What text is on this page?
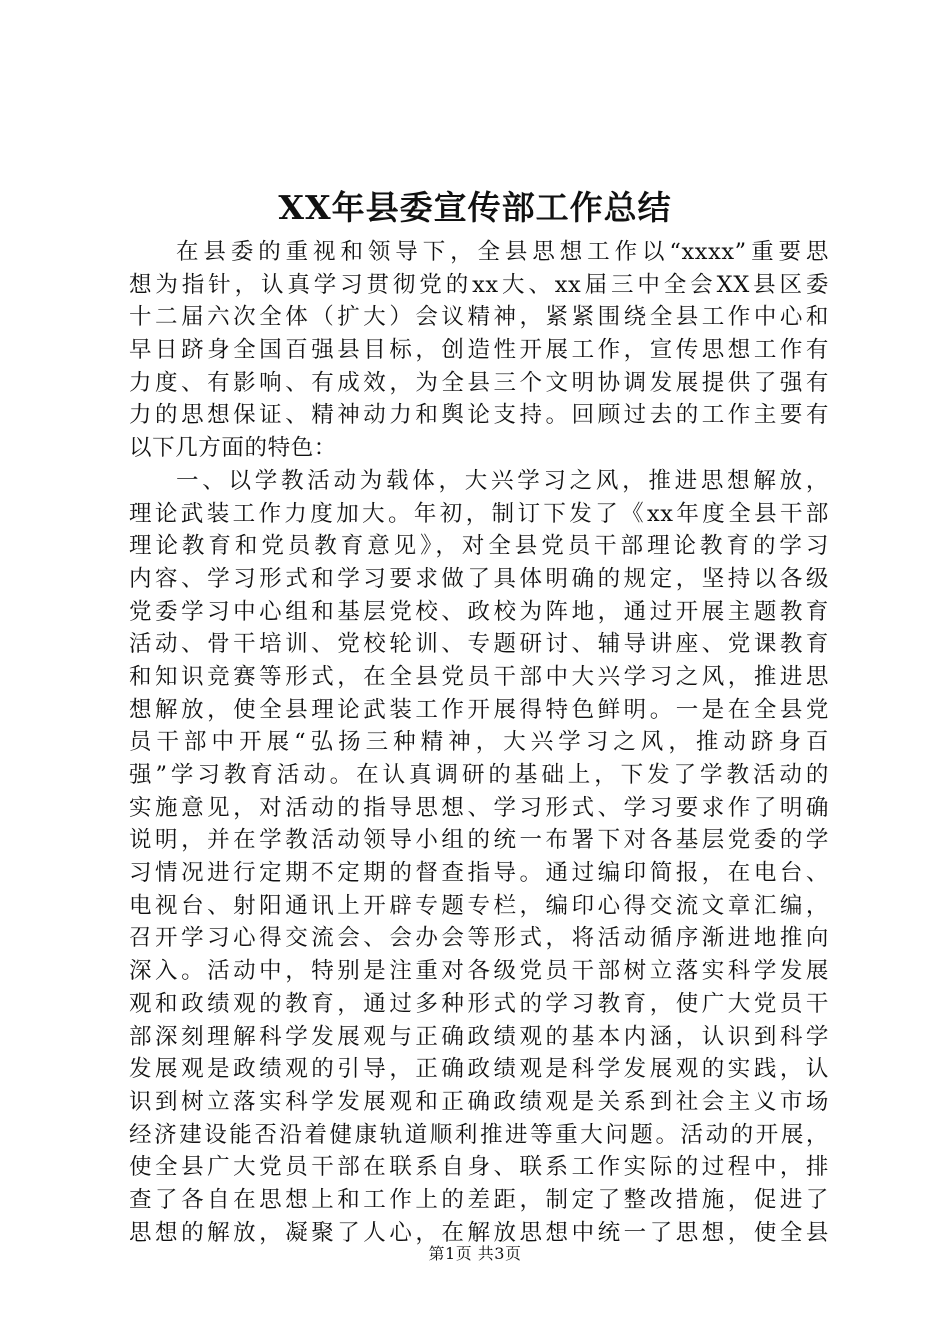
XX年县委宣传部工作总结
在县委的重视和领导下，全县思想工作以“xxxx”重要思
想为指针，认真学习贯彻党的xx大、xx届三中全会XX县区委
十二届六次全体（扩大）会议精神，紧紧围绕全县工作中心和
早日跻身全国百强县目标，创造性开展工作，宣传思想工作有
力度、有影响、有成效，为全县三个文明协调发展提供了强有
力的思想保证、精神动力和舆论支持。回顾过去的工作主要有
以下几方面的特色：
一、以学教活动为载体，大兴学习之风，推进思想解放，
理论武装工作力度加大。年初，制订下发了《xx年度全县干部
理论教育和党员教育意见》，对全县党员干部理论教育的学习
内容、学习形式和学习要求做了具体明确的规定，坚持以各级
党委学习中心组和基层党校、政校为阵地，通过开展主题教育
活动、骨干培训、党校轮训、专题研讨、辅导讲座、党课教育
和知识竞赛等形式，在全县党员干部中大兴学习之风，推进思
想解放，使全县理论武装工作开展得特色鲜明。一是在全县党
员干部中开展“弘扬三种精神，大兴学习之风，推动跻身百
强”学习教育活动。在认真调研的基础上，下发了学教活动的
实施意见，对活动的指导思想、学习形式、学习要求作了明确
说明，并在学教活动领导小组的统一布署下对各基层党委的学
习情况进行定期不定期的督查指导。通过编印简报，在电台、
电视台、射阳通讯上开辟专题专栏，编印心得交流文章汇编，
召开学习心得交流会、会办会等形式，将活动循序渐进地推向
深入。活动中，特别是注重对各级党员干部树立落实科学发展
观和政绩观的教育，通过多种形式的学习教育，使广大党员干
部深刻理解科学发展观与正确政绩观的基本内涵，认识到科学
发展观是政绩观的引导，正确政绩观是科学发展观的实践，认
识到树立落实科学发展观和正确政绩观是关系到社会主义市场
经济建设能否沿着健康轨道顺利推进等重大问题。活动的开展，
使全县广大党员干部在联系自身、联系工作实际的过程中，排
查了各自在思想上和工作上的差距，制定了整改措施，促进了
思想的解放，凝聚了人心，在解放思想中统一了思想，使全县
第1页 共3页
